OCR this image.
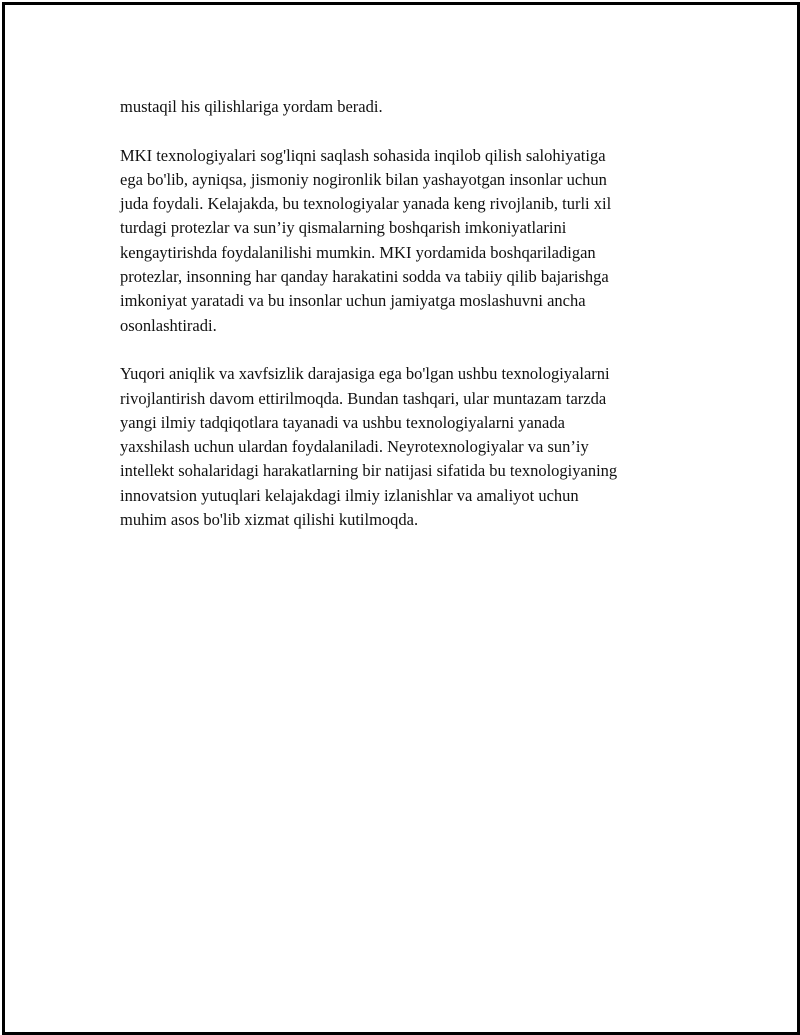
mustaqil his qilishlariga yordam beradi.

MKI texnologiyalari sog'liqni saqlash sohasida inqilob qilish salohiyatiga
ega bo'lib, ayniqsa, jismoniy nogironlik bilan yashayotgan insonlar uchun
juda foydali. Kelajakda, bu texnologiyalar yanada keng rivojlanib, turli xil
turdagi protezlar va sun’iy qismalarning boshqarish imkoniyatlarini
kengaytirishda foydalanilishi mumkin. MKI yordamida boshqariladigan
protezlar, insonning har qanday harakatini sodda va tabiiy qilib bajarishga
imkoniyat yaratadi va bu insonlar uchun jamiyatga moslashuvni ancha
osonlashtiradi.

Yuqori aniqlik va xavfsizlik darajasiga ega bo'lgan ushbu texnologiyalarni
rivojlantirish davom ettirilmoqda. Bundan tashqari, ular muntazam tarzda
yangi ilmiy tadqiqotlara tayanadi va ushbu texnologiyalarni yanada
yaxshilash uchun ulardan foydalaniladi. Neyrotexnologiyalar va sun’iy
intellekt sohalaridagi harakatlarning bir natijasi sifatida bu texnologiyaning
innovatsion yutuqlari kelajakdagi ilmiy izlanishlar va amaliyot uchun
muhim asos bo'lib xizmat qilishi kutilmoqda.
